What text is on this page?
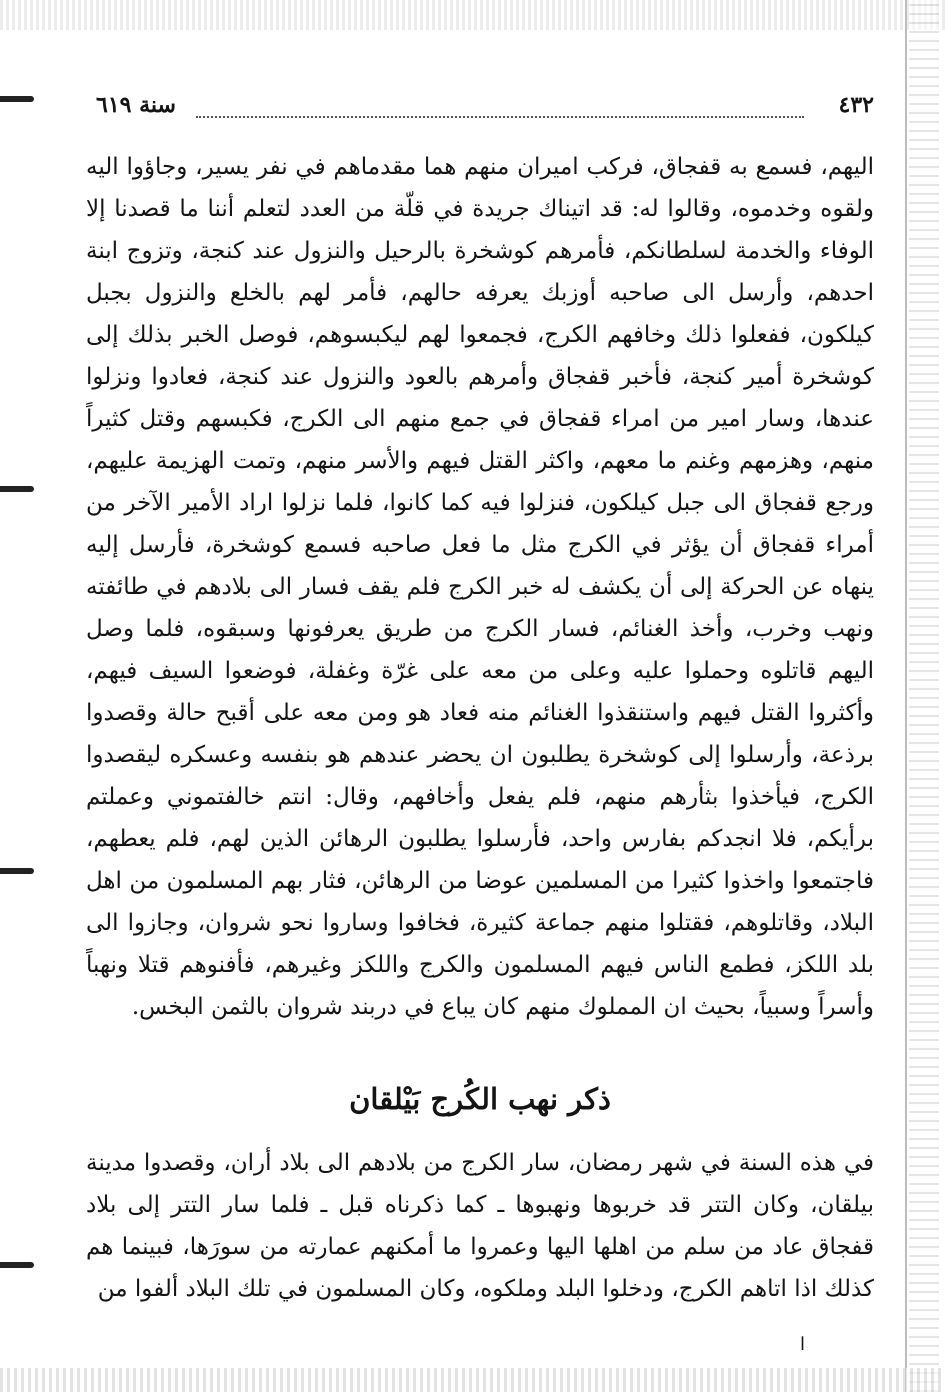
٤٣٢
سنة ٦١٩

اليهم، فسمع به قفجاق، فركب اميران منهم هما مقدماهم في نفر يسير، وجاؤوا اليه ولقوه وخدموه، وقالوا له: قد اتيناك جريدة في قلّة من العدد لتعلم أننا ما قصدنا إلا الوفاء والخدمة لسلطانكم، فأمرهم كوشخرة بالرحيل والنزول عند كنجة، وتزوج ابنة احدهم، وأرسل الى صاحبه أوزبك يعرفه حالهم، فأمر لهم بالخلع والنزول بجبل كيلكون، ففعلوا ذلك وخافهم الكرج، فجمعوا لهم ليكبسوهم، فوصل الخبر بذلك إلى كوشخرة أمير كنجة، فأخبر قفجاق وأمرهم بالعود والنزول عند كنجة، فعادوا ونزلوا عندها، وسار امير من امراء قفجاق في جمع منهم الى الكرج، فكبسهم وقتل كثيراً منهم، وهزمهم وغنم ما معهم، واكثر القتل فيهم والأسر منهم، وتمت الهزيمة عليهم، ورجع قفجاق الى جبل كيلكون، فنزلوا فيه كما كانوا، فلما نزلوا اراد الأمير الآخر من أمراء قفجاق أن يؤثر في الكرج مثل ما فعل صاحبه فسمع كوشخرة، فأرسل إليه ينهاه عن الحركة إلى أن يكشف له خبر الكرج فلم يقف فسار الى بلادهم في طائفته ونهب وخرب، وأخذ الغنائم، فسار الكرج من طريق يعرفونها وسبقوه، فلما وصل اليهم قاتلوه وحملوا عليه وعلى من معه على غرّة وغفلة، فوضعوا السيف فيهم، وأكثروا القتل فيهم واستنقذوا الغنائم منه فعاد هو ومن معه على أقبح حالة وقصدوا برذعة، وأرسلوا إلى كوشخرة يطلبون ان يحضر عندهم هو بنفسه وعسكره ليقصدوا الكرج، فيأخذوا بثأرهم منهم، فلم يفعل وأخافهم، وقال: انتم خالفتموني وعملتم برأيكم، فلا انجدكم بفارس واحد، فأرسلوا يطلبون الرهائن الذين لهم، فلم يعطهم، فاجتمعوا واخذوا كثيرا من المسلمين عوضا من الرهائن، فثار بهم المسلمون من اهل البلاد، وقاتلوهم، فقتلوا منهم جماعة كثيرة، فخافوا وساروا نحو شروان، وجازوا الى بلد اللكز، فطمع الناس فيهم المسلمون والكرج واللكز وغيرهم، فأفنوهم قتلا ونهباً وأسراً وسبياً، بحيث ان المملوك منهم كان يباع في دربند شروان بالثمن البخس.

ذكر نهب الكُرج بَيْلقان

في هذه السنة في شهر رمضان، سار الكرج من بلادهم الى بلاد أران، وقصدوا مدينة بيلقان، وكان التتر قد خربوها ونهبوها ـ كما ذكرناه قبل ـ فلما سار التتر إلى بلاد قفجاق عاد من سلم من اهلها اليها وعمروا ما أمكنهم عمارته من سورَها، فبينما هم كذلك اذا اتاهم الكرج، ودخلوا البلد وملكوه، وكان المسلمون في تلك البلاد ألفوا من

ا
